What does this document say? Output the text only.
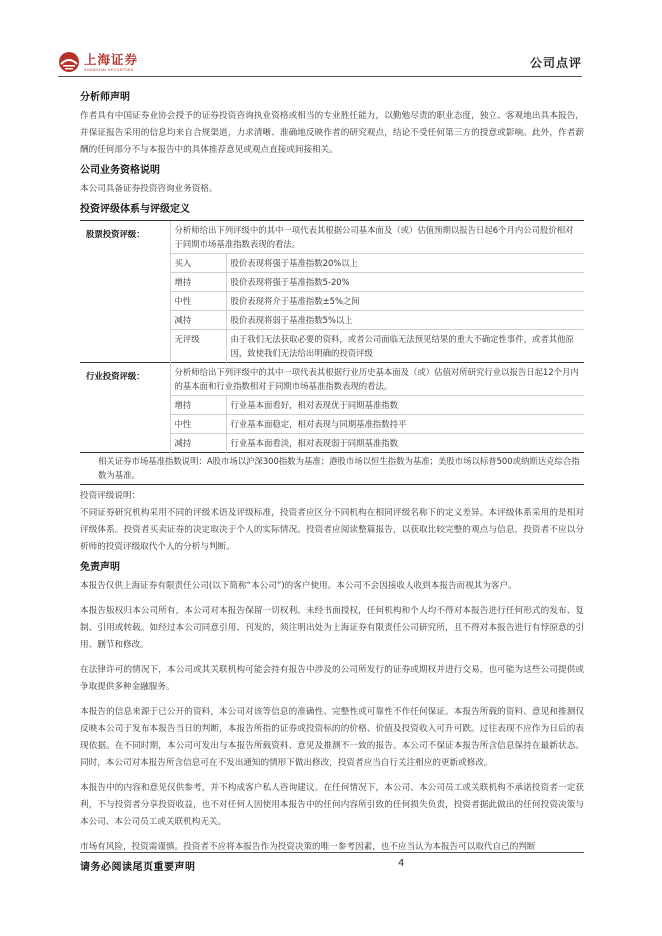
上海证券
SHANGHAI SECURITIES	公司点评
分析师声明
作者具有中国证券业协会授予的证券投资咨询执业资格或相当的专业胜任能力，以勤勉尽责的职业态度，独立、客观地出具本报告，并保证报告采用的信息均来自合规渠道，力求清晰、准确地反映作者的研究观点，结论不受任何第三方的授意或影响。此外，作者薪酬的任何部分不与本报告中的具体推荐意见或观点直接或间接相关。
公司业务资格说明
本公司具备证券投资咨询业务资格。
投资评级体系与评级定义
股票投资评级：	分析师给出下列评级中的其中一项代表其根据公司基本面及（或）估值预期以报告日起6个月内公司股价相对于同期市场基准指数表现的看法。	
	买入	股价表现将强于基准指数20%以上
	增持	股价表现将强于基准指数5-20%
	中性	股价表现将介于基准指数±5%之间
	减持	股价表现将弱于基准指数5%以上
	无评级	由于我们无法获取必要的资料，或者公司面临无法预见结果的重大不确定性事件，或者其他原因，致使我们无法给出明确的投资评级
行业投资评级：	分析师给出下列评级中的其中一项代表其根据行业历史基本面及（或）估值对所研究行业以报告日起12个月内的基本面和行业指数相对于同期市场基准指数表现的看法。	
	增持	行业基本面看好，相对表现优于同期基准指数
	中性	行业基本面稳定，相对表现与同期基准指数持平
	减持	行业基本面看淡，相对表现弱于同期基准指数
相关证券市场基准指数说明：A股市场以沪深300指数为基准；港股市场以恒生指数为基准；美股市场以标普500或纳斯达克综合指数为基准。		
投资评级说明：
不同证券研究机构采用不同的评级术语及评级标准，投资者应区分不同机构在相同评级名称下的定义差异。本评级体系采用的是相对评级体系。投资者买卖证券的决定取决于个人的实际情况。投资者应阅读整篇报告，以获取比较完整的观点与信息，投资者不应以分析师的投资评级取代个人的分析与判断。
免责声明
本报告仅供上海证券有限责任公司(以下简称“本公司”)的客户使用。本公司不会因接收人收到本报告而视其为客户。
本报告版权归本公司所有，本公司对本报告保留一切权利。未经书面授权，任何机构和个人均不得对本报告进行任何形式的发布、复制、引用或转载。如经过本公司同意引用、刊发的，须注明出处为上海证券有限责任公司研究所，且不得对本报告进行有悖原意的引用、删节和修改。
在法律许可的情况下，本公司或其关联机构可能会持有报告中涉及的公司所发行的证券或期权并进行交易，也可能为这些公司提供或争取提供多种金融服务。
本报告的信息来源于已公开的资料，本公司对该等信息的准确性、完整性或可靠性不作任何保证。本报告所载的资料、意见和推测仅反映本公司于发布本报告当日的判断，本报告所指的证券或投资标的的价格、价值及投资收入可升可跌。过往表现不应作为日后的表现依据。在不同时期，本公司可发出与本报告所载资料、意见及推测不一致的报告。本公司不保证本报告所含信息保持在最新状态。同时，本公司对本报告所含信息可在不发出通知的情形下做出修改，投资者应当自行关注相应的更新或修改。
本报告中的内容和意见仅供参考，并不构成客户私人咨询建议。在任何情况下，本公司、本公司员工或关联机构不承诺投资者一定获利，不与投资者分享投资收益，也不对任何人因使用本报告中的任何内容所引致的任何损失负责，投资者据此做出的任何投资决策与本公司、本公司员工或关联机构无关。
市场有风险，投资需谨慎。投资者不应将本报告作为投资决策的唯一参考因素，也不应当认为本报告可以取代自己的判断
请务必阅读尾页重要声明	4
